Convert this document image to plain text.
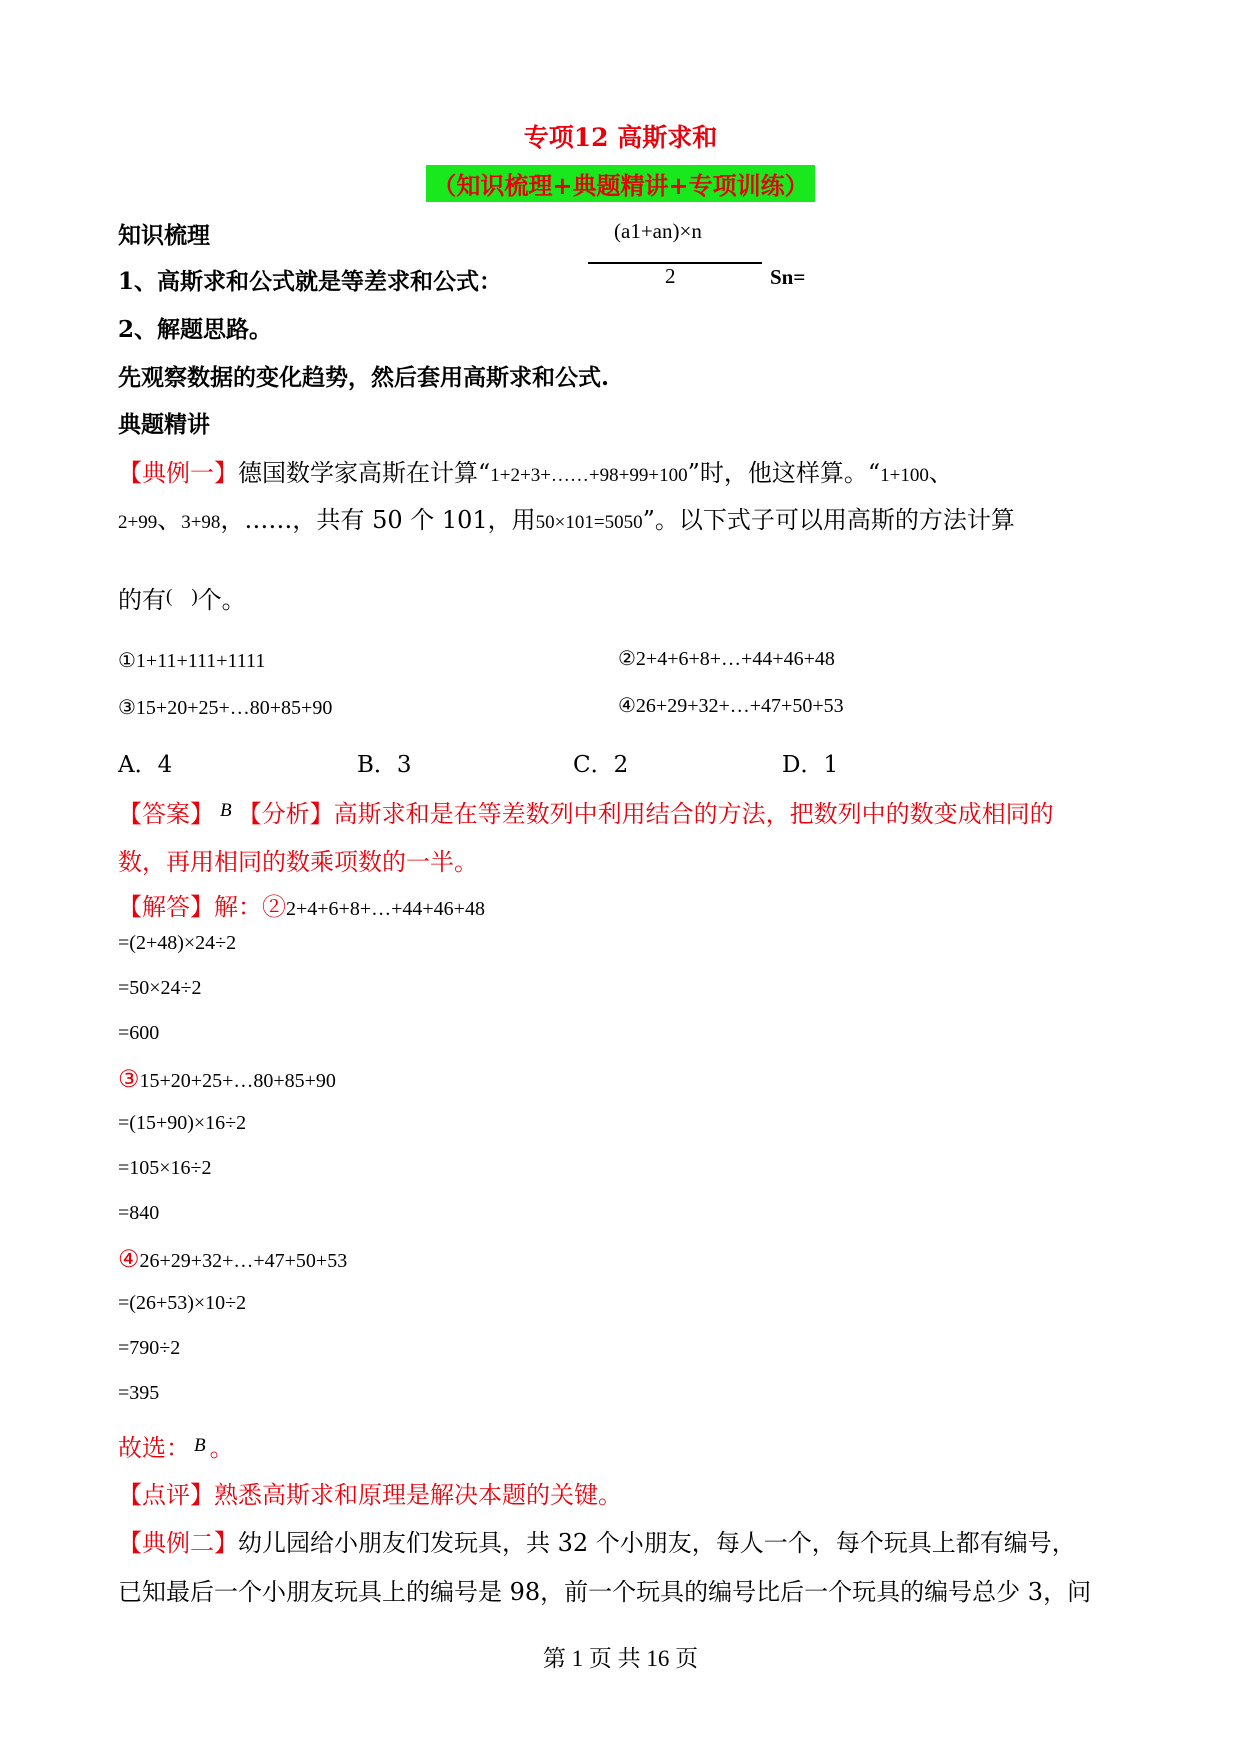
专项12 高斯求和
（知识梳理+典题精讲+专项训练）
知识梳理	(a1+an)×n
2
1、高斯求和公式就是等差求和公式：	Sn=
2、解题思路。
先观察数据的变化趋势，然后套用高斯求和公式.
典题精讲
【典例一】德国数学家高斯在计算“1+2+3+……+98+99+100”时，他这样算。“1+100、
2+99、3+98，……，共有 50 个 101，用50×101=5050”。以下式子可以用高斯的方法计算
的有(　)个。
①1+11+111+1111	②2+4+6+8+…+44+46+48
③15+20+25+…80+85+90	④26+29+32+…+47+50+53
A．4	B．3	C．2	D．1
【答案】 $^B$ 【分析】高斯求和是在等差数列中利用结合的方法，把数列中的数变成相同的
数，再用相同的数乘项数的一半。
【解答】解：②2+4+6+8+…+44+46+48
=(2+48)×24÷2
=50×24÷2
=600
③15+20+25+…80+85+90
=(15+90)×16÷2
=105×16÷2
=840
④26+29+32+…+47+50+53
=(26+53)×10÷2
=790÷2
=395
故选： $^B$ 。
【点评】熟悉高斯求和原理是解决本题的关键。
【典例二】幼儿园给小朋友们发玩具，共 32 个小朋友，每人一个，每个玩具上都有编号，
已知最后一个小朋友玩具上的编号是 98，前一个玩具的编号比后一个玩具的编号总少 3，问
第 1 页 共 16 页
